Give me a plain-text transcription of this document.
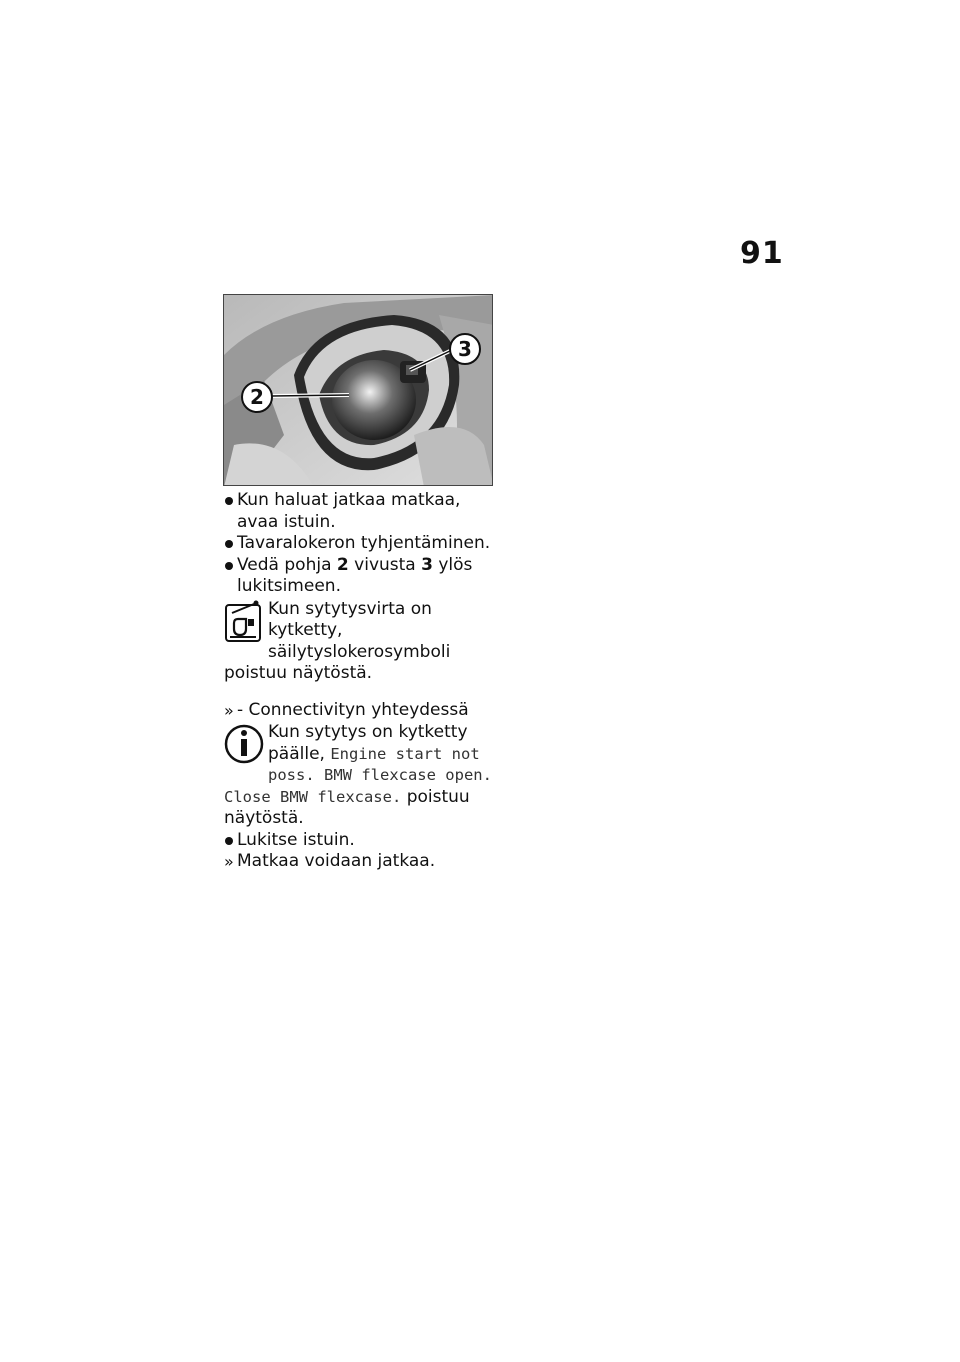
91
2
3
Kun haluat jatkaa matkaa, avaa istuin.
Tavaralokeron tyhjentäminen.
Vedä pohja 2 vivusta 3 ylös lukitsimeen.
Kun sytytysvirta on kytketty, säilytyslokerosymboli poistuu näytöstä.
» - Connectivityn yhteydessä
Kun sytytys on kytketty päälle, Engine start not poss. BMW flexcase open. Close BMW flexcase. poistuu näytöstä.
Lukitse istuin.
» Matkaa voidaan jatkaa.
